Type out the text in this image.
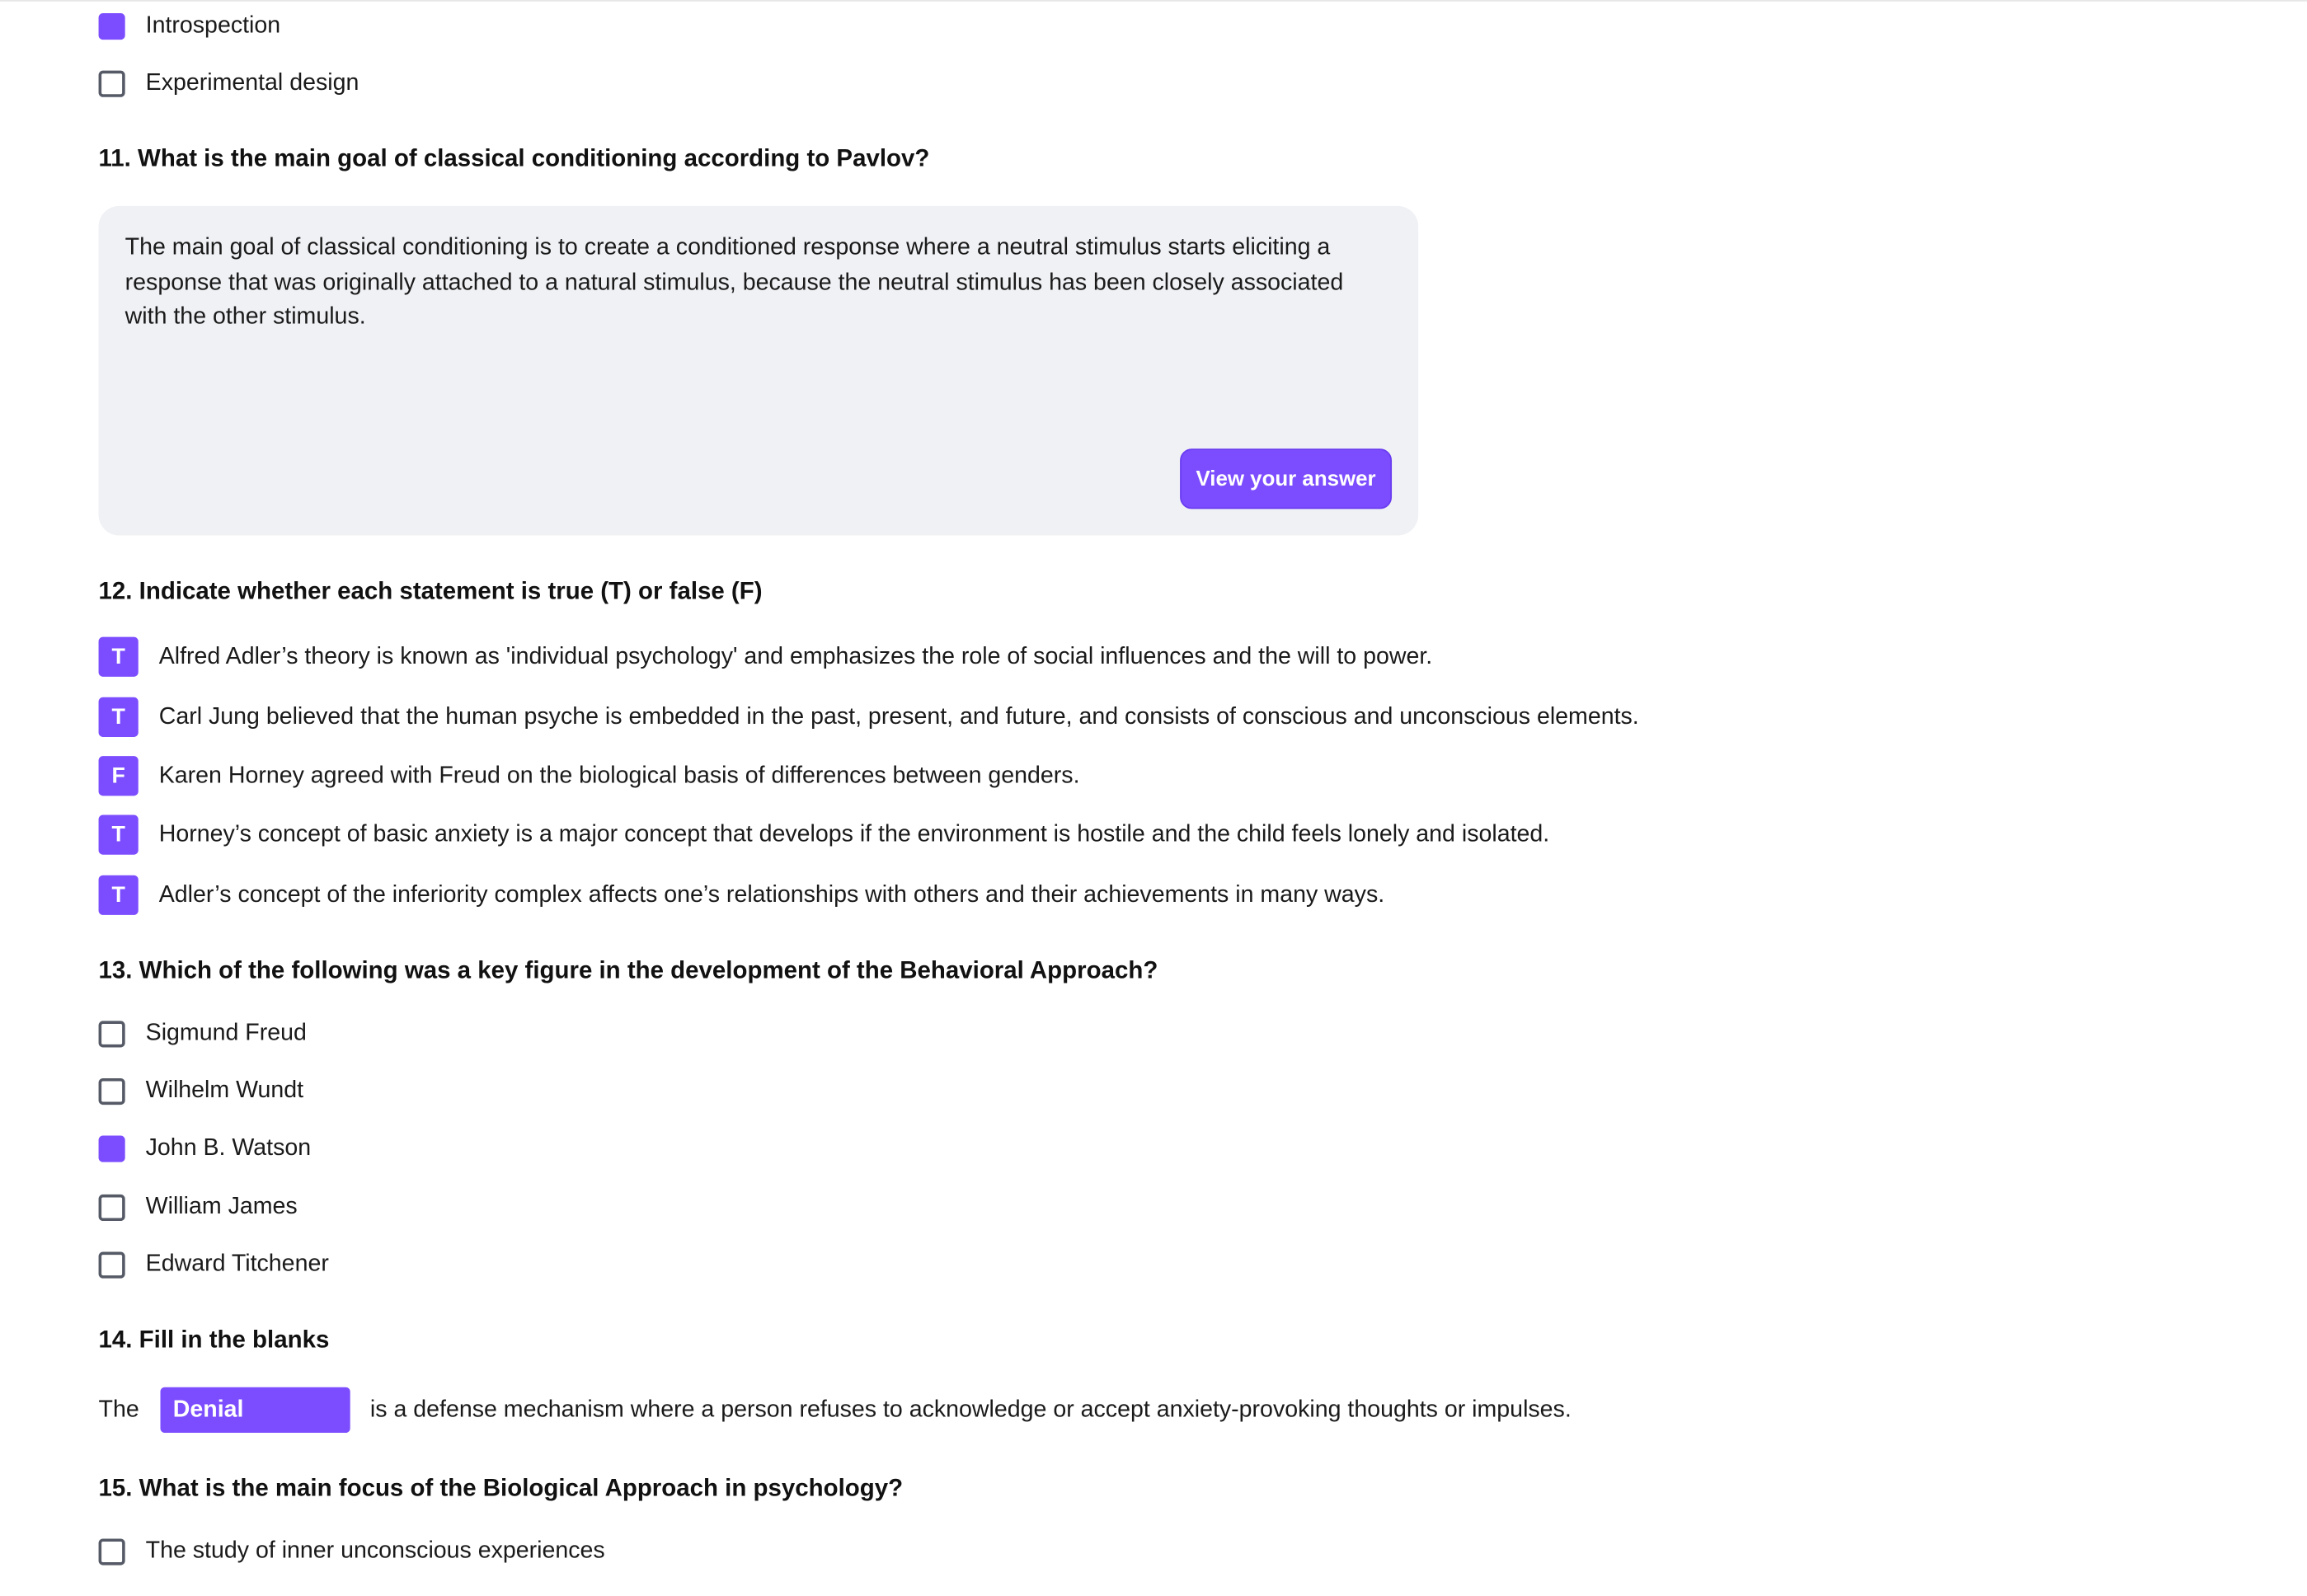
Introspection
Experimental design
11. What is the main goal of classical conditioning according to Pavlov?
The main goal of classical conditioning is to create a conditioned response where a neutral stimulus starts eliciting a response that was originally attached to a natural stimulus, because the neutral stimulus has been closely associated with the other stimulus.
View your answer
12. Indicate whether each statement is true (T) or false (F)
T	Alfred Adler’s theory is known as 'individual psychology' and emphasizes the role of social influences and the will to power.
T	Carl Jung believed that the human psyche is embedded in the past, present, and future, and consists of conscious and unconscious elements.
F	Karen Horney agreed with Freud on the biological basis of differences between genders.
T	Horney’s concept of basic anxiety is a major concept that develops if the environment is hostile and the child feels lonely and isolated.
T	Adler’s concept of the inferiority complex affects one’s relationships with others and their achievements in many ways.
13. Which of the following was a key figure in the development of the Behavioral Approach?
Sigmund Freud
Wilhelm Wundt
John B. Watson
William James
Edward Titchener
14. Fill in the blanks
The	Denial	is a defense mechanism where a person refuses to acknowledge or accept anxiety-provoking thoughts or impulses.
15. What is the main focus of the Biological Approach in psychology?
The study of inner unconscious experiences
